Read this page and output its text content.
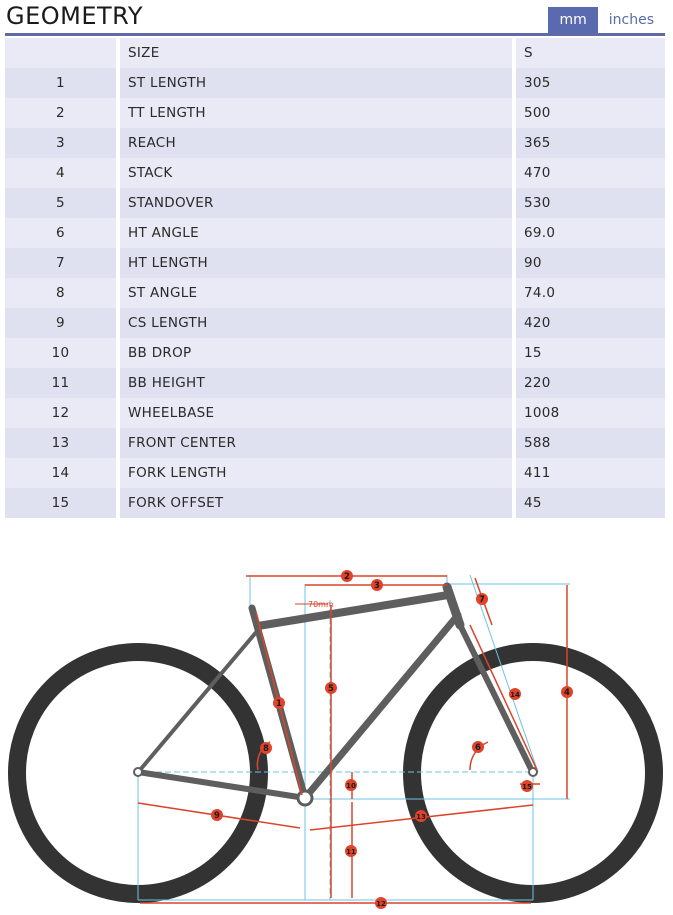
GEOMETRY	mm	inches
	SIZE	S
1	ST LENGTH	305
2	TT LENGTH	500
3	REACH	365
4	STACK	470
5	STANDOVER	530
6	HT ANGLE	69.0
7	HT LENGTH	90
8	ST ANGLE	74.0
9	CS LENGTH	420
10	BB DROP	15
11	BB HEIGHT	220
12	WHEELBASE	1008
13	FRONT CENTER	588
14	FORK LENGTH	411
15	FORK OFFSET	45
70mm
1
2
3
4
5
6
7
8
9
10
11
12
13
14
15
